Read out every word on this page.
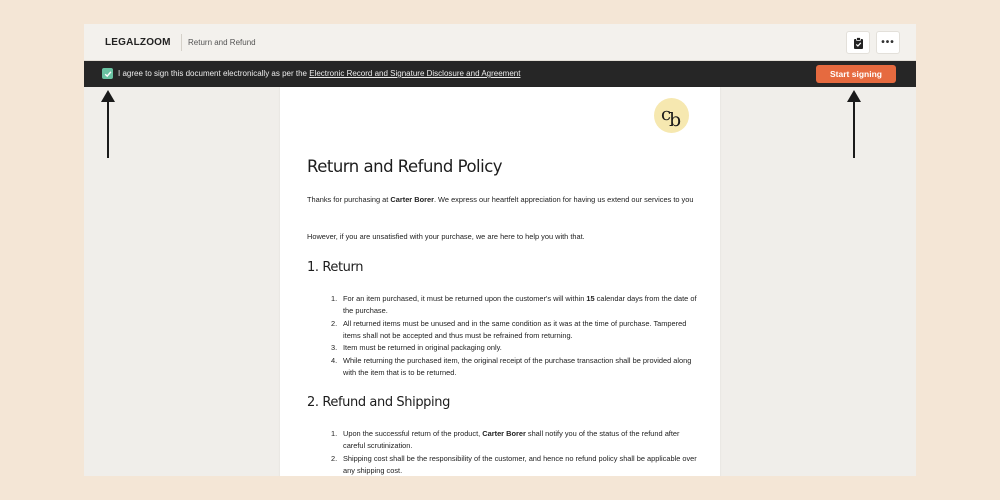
LEGALZOOM Return and Refund	•••
I agree to sign this document electronically as per the Electronic Record and Signature Disclosure and Agreement	Start signing
c
b
Return and Refund Policy
Thanks for purchasing at Carter Borer. We express our heartfelt appreciation for having us extend our services to you
However, if you are unsatisfied with your purchase, we are here to help you with that.
1. Return
1. For an item purchased, it must be returned upon the customer's will within 15 calendar days from the date of the purchase.
2. All returned items must be unused and in the same condition as it was at the time of purchase. Tampered items shall not be accepted and thus must be refrained from returning.
3. Item must be returned in original packaging only.
4. While returning the purchased item, the original receipt of the purchase transaction shall be provided along with the item that is to be returned.
2. Refund and Shipping
1. Upon the successful return of the product, Carter Borer shall notify you of the status of the refund after careful scrutinization.
2. Shipping cost shall be the responsibility of the customer, and hence no refund policy shall be applicable over any shipping cost.
